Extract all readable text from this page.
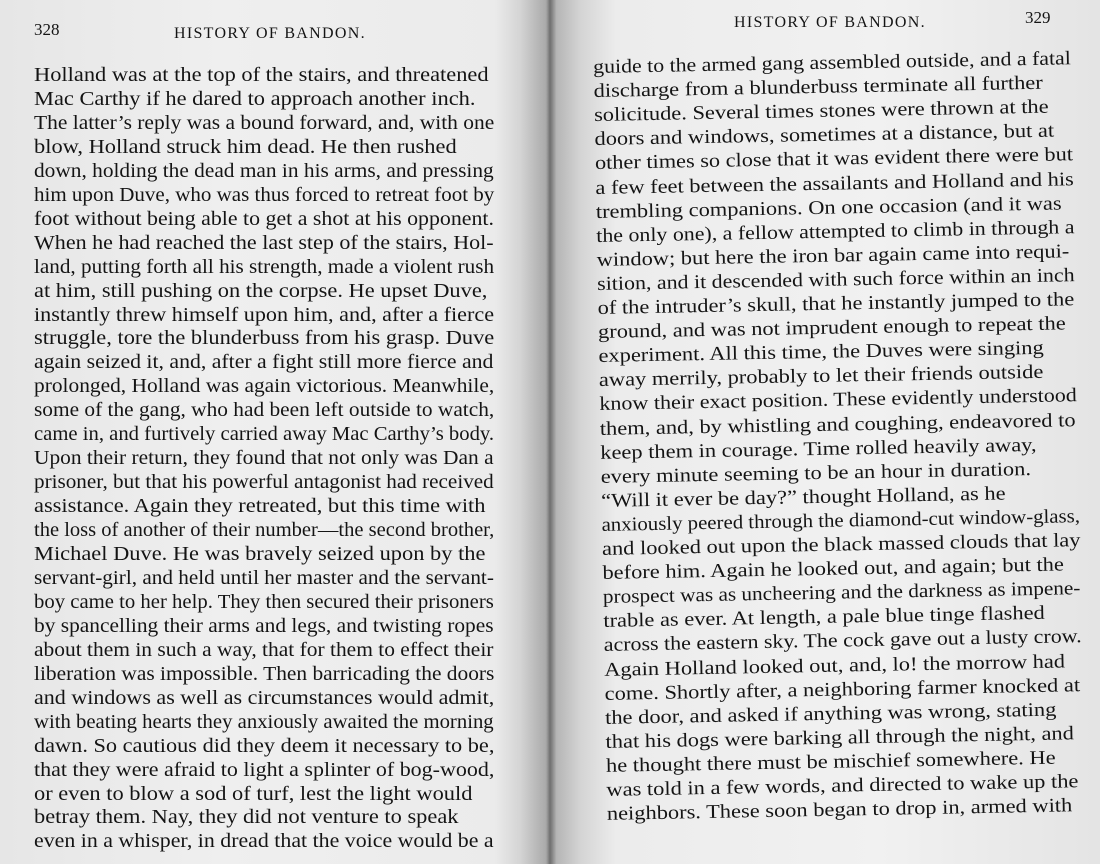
328	HISTORY OF BANDON.
Holland was at the top of the stairs, and threatened
Mac Carthy if he dared to approach another inch.
The latter’s reply was a bound forward, and, with one
blow, Holland struck him dead. He then rushed
down, holding the dead man in his arms, and pressing
him upon Duve, who was thus forced to retreat foot by
foot without being able to get a shot at his opponent.
When he had reached the last step of the stairs, Hol-
land, putting forth all his strength, made a violent rush
at him, still pushing on the corpse. He upset Duve,
instantly threw himself upon him, and, after a fierce
struggle, tore the blunderbuss from his grasp. Duve
again seized it, and, after a fight still more fierce and
prolonged, Holland was again victorious. Meanwhile,
some of the gang, who had been left outside to watch,
came in, and furtively carried away Mac Carthy’s body.
Upon their return, they found that not only was Dan a
prisoner, but that his powerful antagonist had received
assistance. Again they retreated, but this time with
the loss of another of their number—the second brother,
Michael Duve. He was bravely seized upon by the
servant-girl, and held until her master and the servant-
boy came to her help. They then secured their prisoners
by spancelling their arms and legs, and twisting ropes
about them in such a way, that for them to effect their
liberation was impossible. Then barricading the doors
and windows as well as circumstances would admit,
with beating hearts they anxiously awaited the morning
dawn. So cautious did they deem it necessary to be,
that they were afraid to light a splinter of bog-wood,
or even to blow a sod of turf, lest the light would
betray them. Nay, they did not venture to speak
even in a whisper, in dread that the voice would be a
HISTORY OF BANDON.	329
guide to the armed gang assembled outside, and a fatal
discharge from a blunderbuss terminate all further
solicitude. Several times stones were thrown at the
doors and windows, sometimes at a distance, but at
other times so close that it was evident there were but
a few feet between the assailants and Holland and his
trembling companions. On one occasion (and it was
the only one), a fellow attempted to climb in through a
window; but here the iron bar again came into requi-
sition, and it descended with such force within an inch
of the intruder’s skull, that he instantly jumped to the
ground, and was not imprudent enough to repeat the
experiment. All this time, the Duves were singing
away merrily, probably to let their friends outside
know their exact position. These evidently understood
them, and, by whistling and coughing, endeavored to
keep them in courage. Time rolled heavily away,
every minute seeming to be an hour in duration.
“Will it ever be day?” thought Holland, as he
anxiously peered through the diamond-cut window-glass,
and looked out upon the black massed clouds that lay
before him. Again he looked out, and again; but the
prospect was as uncheering and the darkness as impene-
trable as ever. At length, a pale blue tinge flashed
across the eastern sky. The cock gave out a lusty crow.
Again Holland looked out, and, lo! the morrow had
come. Shortly after, a neighboring farmer knocked at
the door, and asked if anything was wrong, stating
that his dogs were barking all through the night, and
he thought there must be mischief somewhere. He
was told in a few words, and directed to wake up the
neighbors. These soon began to drop in, armed with
